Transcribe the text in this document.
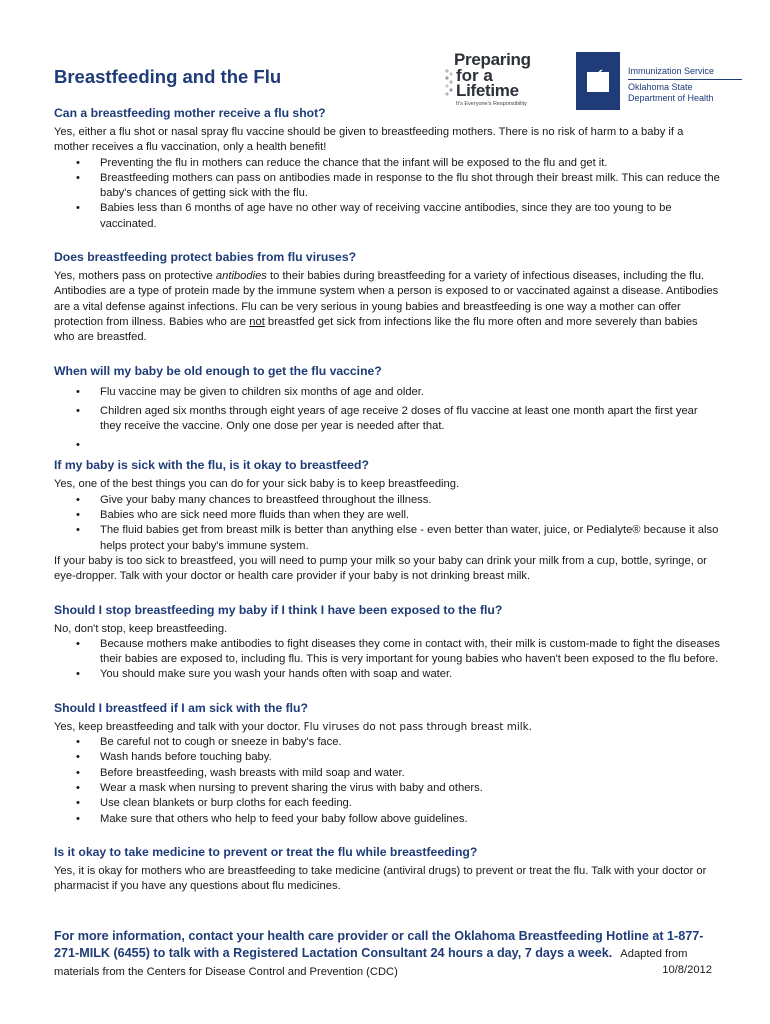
Breastfeeding and the Flu
Preparing
for a
Lifetime
It's Everyone's Responsibility
Immunization Service
Oklahoma State
Department of Health
Can a breastfeeding mother receive a flu shot?

Yes, either a flu shot or nasal spray flu vaccine should be given to breastfeeding mothers. There is no risk of harm to a baby if a mother receives a flu vaccination, only a health benefit!

• Preventing the flu in mothers can reduce the chance that the infant will be exposed to the flu and get it.
• Breastfeeding mothers can pass on antibodies made in response to the flu shot through their breast milk. This can reduce the baby's chances of getting sick with the flu.
• Babies less than 6 months of age have no other way of receiving vaccine antibodies, since they are too young to be vaccinated.
Does breastfeeding protect babies from flu viruses?

Yes, mothers pass on protective antibodies to their babies during breastfeeding for a variety of infectious diseases, including the flu. Antibodies are a type of protein made by the immune system when a person is exposed to or vaccinated against a disease. Antibodies are a vital defense against infections. Flu can be very serious in young babies and breastfeeding is one way a mother can offer protection from illness. Babies who are not breastfed get sick from infections like the flu more often and more severely than babies who are breastfed.

When will my baby be old enough to get the flu vaccine?
• Flu vaccine may be given to children six months of age and older.
• Children aged six months through eight years of age receive 2 doses of flu vaccine at least one month apart the first year they receive the vaccine. Only one dose per year is needed after that.
•
If my baby is sick with the flu, is it okay to breastfeed?

Yes, one of the best things you can do for your sick baby is to keep breastfeeding.

• Give your baby many chances to breastfeed throughout the illness.
• Babies who are sick need more fluids than when they are well.
• The fluid babies get from breast milk is better than anything else - even better than water, juice, or Pedialyte® because it also helps protect your baby's immune system.

If your baby is too sick to breastfeed, you will need to pump your milk so your baby can drink your milk from a cup, bottle, syringe, or eye-dropper. Talk with your doctor or health care provider if your baby is not drinking breast milk.

Should I stop breastfeeding my baby if I think I have been exposed to the flu?

No, don't stop, keep breastfeeding.

• Because mothers make antibodies to fight diseases they come in contact with, their milk is custom-made to fight the diseases their babies are exposed to, including flu. This is very important for young babies who haven't been exposed to the flu before.
• You should make sure you wash your hands often with soap and water.
Should I breastfeed if I am sick with the flu?

Yes, keep breastfeeding and talk with your doctor. Flu viruses do not pass through breast milk.

• Be careful not to cough or sneeze in baby's face.
• Wash hands before touching baby.
• Before breastfeeding, wash breasts with mild soap and water.
• Wear a mask when nursing to prevent sharing the virus with baby and others.
• Use clean blankets or burp cloths for each feeding.
• Make sure that others who help to feed your baby follow above guidelines.
Is it okay to take medicine to prevent or treat the flu while breastfeeding?

Yes, it is okay for mothers who are breastfeeding to take medicine (antiviral drugs) to prevent or treat the flu. Talk with your doctor or pharmacist if you have any questions about flu medicines.

For more information, contact your health care provider or call the Oklahoma Breastfeeding Hotline at 1-877-271-MILK (6455) to talk with a Registered Lactation Consultant 24 hours a day, 7 days a week. Adapted from materials from the Centers for Disease Control and Prevention (CDC)	10/8/2012
